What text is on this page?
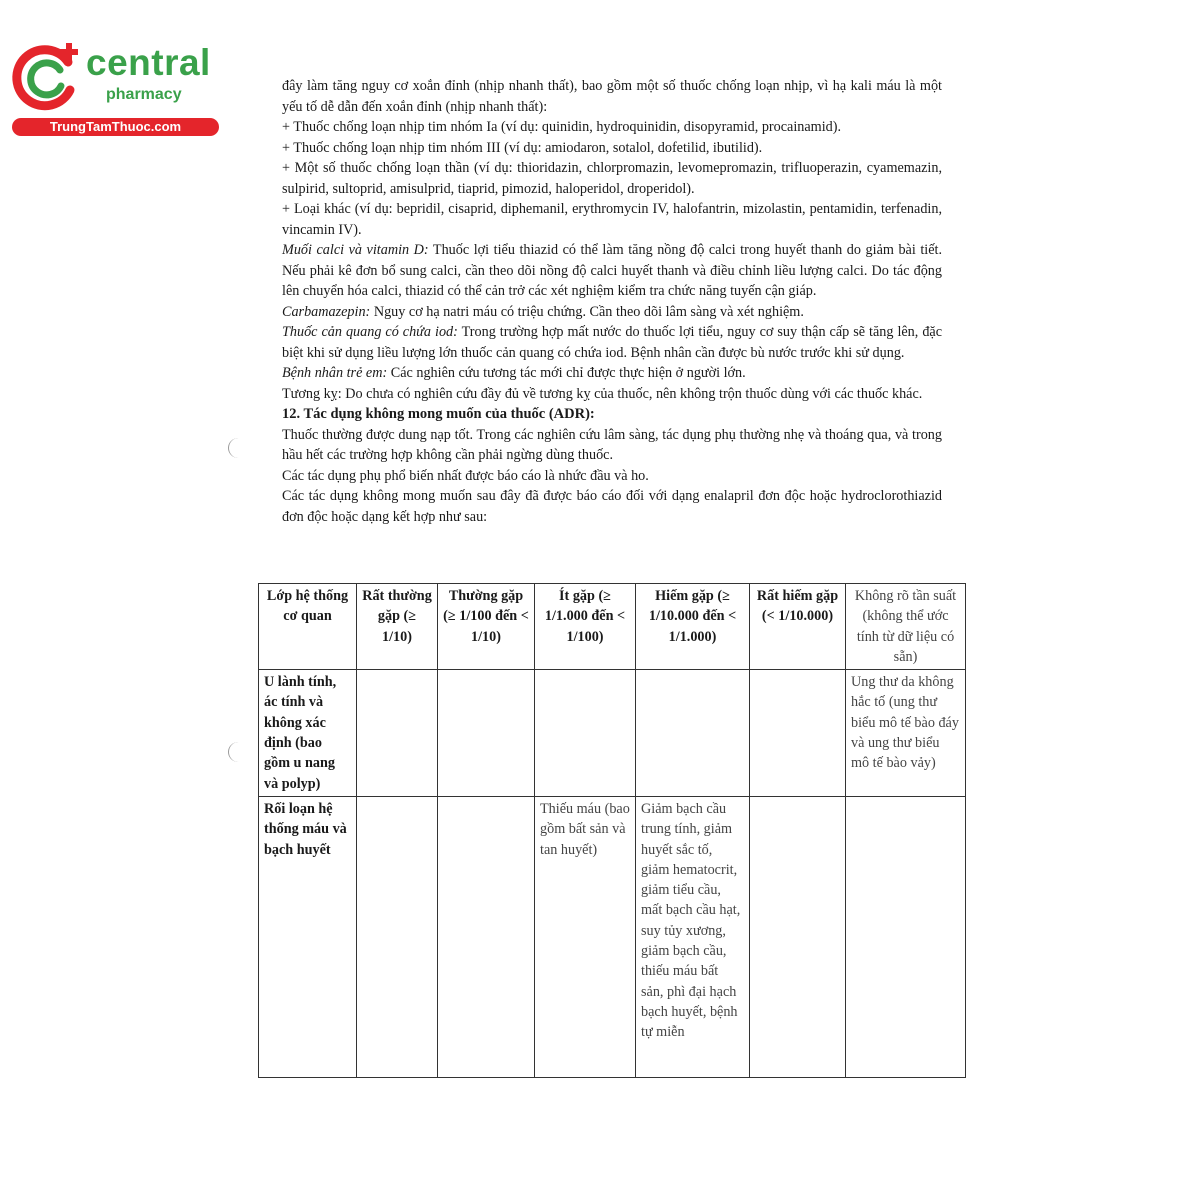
central
pharmacy
TrungTamThuoc.com

đây làm tăng nguy cơ xoắn đỉnh (nhịp nhanh thất), bao gồm một số thuốc chống loạn nhịp, vì hạ kali máu là một yếu tố dễ dẫn đến xoắn đỉnh (nhịp nhanh thất):

+ Thuốc chống loạn nhịp tim nhóm Ia (ví dụ: quinidin, hydroquinidin, disopyramid, procainamid).

+ Thuốc chống loạn nhịp tim nhóm III (ví dụ: amiodaron, sotalol, dofetilid, ibutilid).

+ Một số thuốc chống loạn thần (ví dụ: thioridazin, chlorpromazin, levomepromazin, trifluoperazin, cyamemazin, sulpirid, sultoprid, amisulprid, tiaprid, pimozid, haloperidol, droperidol).

+ Loại khác (ví dụ: bepridil, cisaprid, diphemanil, erythromycin IV, halofantrin, mizolastin, pentamidin, terfenadin, vincamin IV).

Muối calci và vitamin D: Thuốc lợi tiểu thiazid có thể làm tăng nồng độ calci trong huyết thanh do giảm bài tiết. Nếu phải kê đơn bổ sung calci, cần theo dõi nồng độ calci huyết thanh và điều chỉnh liều lượng calci. Do tác động lên chuyển hóa calci, thiazid có thể cản trở các xét nghiệm kiểm tra chức năng tuyến cận giáp.

Carbamazepin: Nguy cơ hạ natri máu có triệu chứng. Cần theo dõi lâm sàng và xét nghiệm.

Thuốc cản quang có chứa iod: Trong trường hợp mất nước do thuốc lợi tiểu, nguy cơ suy thận cấp sẽ tăng lên, đặc biệt khi sử dụng liều lượng lớn thuốc cản quang có chứa iod. Bệnh nhân cần được bù nước trước khi sử dụng.

Bệnh nhân trẻ em: Các nghiên cứu tương tác mới chỉ được thực hiện ở người lớn.

Tương kỵ: Do chưa có nghiên cứu đầy đủ về tương kỵ của thuốc, nên không trộn thuốc dùng với các thuốc khác.

12. Tác dụng không mong muốn của thuốc (ADR):

Thuốc thường được dung nạp tốt. Trong các nghiên cứu lâm sàng, tác dụng phụ thường nhẹ và thoáng qua, và trong hầu hết các trường hợp không cần phải ngừng dùng thuốc.

Các tác dụng phụ phổ biến nhất được báo cáo là nhức đầu và ho.

Các tác dụng không mong muốn sau đây đã được báo cáo đối với dạng enalapril đơn độc hoặc hydroclorothiazid đơn độc hoặc dạng kết hợp như sau:

Lớp hệ thống cơ quan	Rất thường gặp (≥ 1/10)	Thường gặp (≥ 1/100 đến < 1/10)	Ít gặp (≥ 1/1.000 đến < 1/100)	Hiếm gặp (≥ 1/10.000 đến < 1/1.000)	Rất hiếm gặp (< 1/10.000)	Không rõ tần suất (không thể ước tính từ dữ liệu có sẵn)
U lành tính, ác tính và không xác định (bao gồm u nang và polyp)						Ung thư da không hắc tố (ung thư biểu mô tế bào đáy và ung thư biểu mô tế bào vảy)
Rối loạn hệ thống máu và bạch huyết			Thiếu máu (bao gồm bất sản và tan huyết)	Giảm bạch cầu trung tính, giảm huyết sắc tố, giảm hematocrit, giảm tiểu cầu, mất bạch cầu hạt, suy tủy xương, giảm bạch cầu, thiếu máu bất sản, phì đại hạch bạch huyết, bệnh tự miễn		
